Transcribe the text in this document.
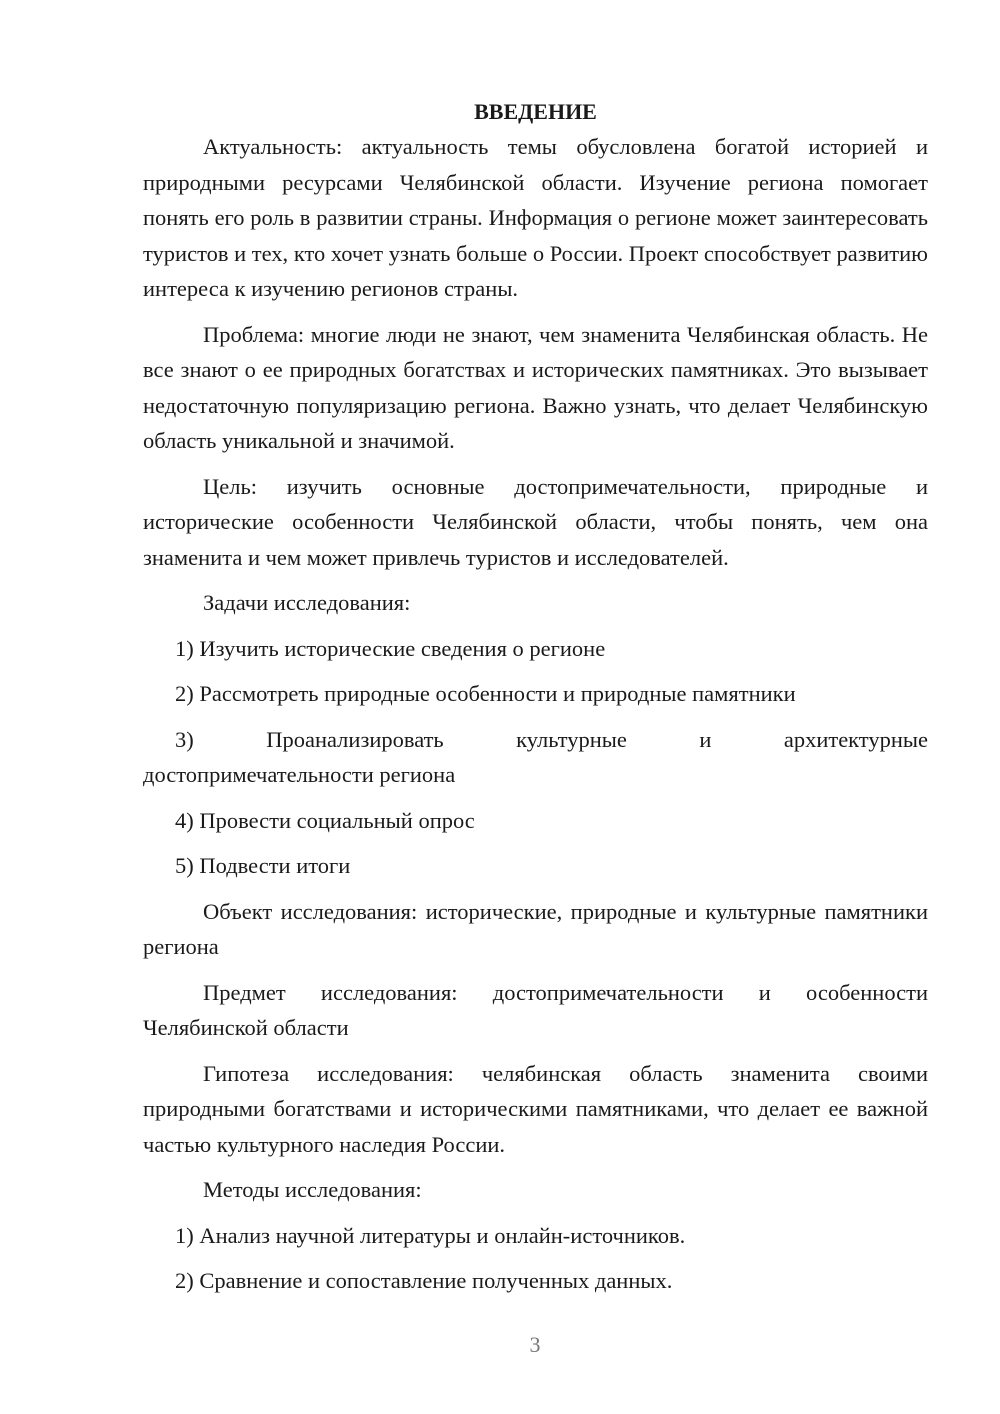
ВВЕДЕНИЕ

Актуальность: актуальность темы обусловлена богатой историей и природными ресурсами Челябинской области. Изучение региона помогает понять его роль в развитии страны. Информация о регионе может заинтересовать туристов и тех, кто хочет узнать больше о России. Проект способствует развитию интереса к изучению регионов страны.

Проблема: многие люди не знают, чем знаменита Челябинская область. Не все знают о ее природных богатствах и исторических памятниках. Это вызывает недостаточную популяризацию региона. Важно узнать, что делает Челябинскую область уникальной и значимой.

Цель: изучить основные достопримечательности, природные и исторические особенности Челябинской области, чтобы понять, чем она знаменита и чем может привлечь туристов и исследователей.

Задачи исследования:

1) Изучить исторические сведения о регионе

2) Рассмотреть природные особенности и природные памятники

3) Проанализировать культурные и архитектурные

достопримечательности региона

4) Провести социальный опрос

5) Подвести итоги

Объект исследования: исторические, природные и культурные памятники региона

Предмет исследования: достопримечательности и особенности Челябинской области

Гипотеза исследования: челябинская область знаменита своими природными богатствами и историческими памятниками, что делает ее важной частью культурного наследия России.

Методы исследования:

1) Анализ научной литературы и онлайн-источников.

2) Сравнение и сопоставление полученных данных.

3
